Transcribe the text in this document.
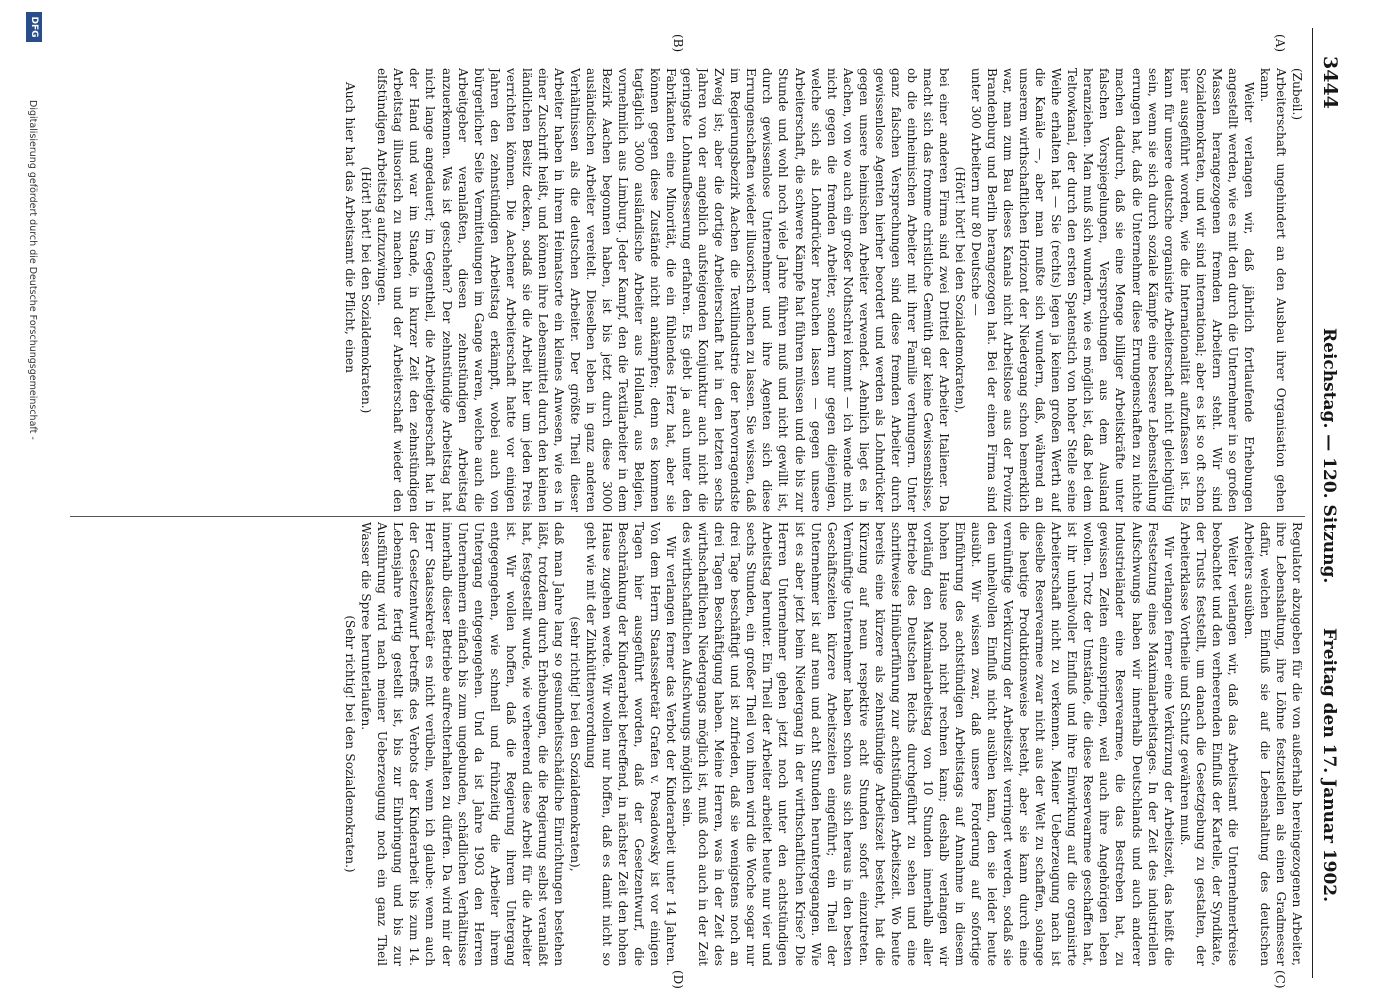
3444
Reichstag. — 120. Sitzung.
Freitag den 17. Januar 1902.
(A)
(B)
(C)
(D)

(Zubeil.)

Arbeiterschaft ungehindert an den Ausbau ihrer Organisation gehen kann.

Weiter verlangen wir, daß jährlich fortlaufende Erhebungen angestellt werden, wie es mit den durch die Unternehmer in so großen Massen herangezogenen fremden Arbeitern steht. Wir sind Sozialdemokraten, und wir sind international; aber es ist so oft schon hier ausgeführt worden, wie die Internationalität aufzufassen ist. Es kann für unsere deutsche organisirte Arbeiterschaft nicht gleichgültig sein, wenn sie sich durch soziale Kämpfe eine bessere Lebensstellung errungen hat, daß die Unternehmer diese Errungenschaften zu nichte machen dadurch, daß sie eine Menge billiger Arbeitskräfte unter falschen Vorspiegelungen, Versprechungen aus dem Ausland heranziehen. Man muß sich wundern, wie es möglich ist, daß bei dem Teltowkanal, der durch den ersten Spatenstich von hoher Stelle seine Weihe erhalten hat — Sie (rechts) legen ja keinen großen Werth auf die Kanäle —, aber man mußte sich wundern, daß, während an unserem wirthschaftlichen Horizont der Niedergang schon bemerklich war, man zum Bau dieses Kanals nicht Arbeitslose aus der Provinz Brandenburg und Berlin herangezogen hat. Bei der einen Firma sind unter 300 Arbeitern nur 80 Deutsche —

(Hört! hört! bei den Sozialdemokraten),

bei einer anderen Firma sind zwei Drittel der Arbeiter Italiener. Da macht sich das fromme christliche Gemüth gar keine Gewissensbisse, ob die einheimischen Arbeiter mit ihrer Familie verhungern. Unter ganz falschen Versprechungen sind diese fremden Arbeiter durch gewissenlose Agenten hierher beordert und werden als Lohndrücker gegen unsere heimischen Arbeiter verwendet. Aehnlich liegt es in Aachen, von wo auch ein großer Nothschrei kommt — ich wende mich nicht gegen die fremden Arbeiter, sondern nur gegen diejenigen, welche sich als Lohndrücker brauchen lassen — gegen unsere Arbeiterschaft, die schwere Kämpfe hat führen müssen und die bis zur Stunde und wohl noch viele Jahre führen muß und nicht gewillt ist, durch gewissenlose Unternehmer und ihre Agenten sich diese Errungenschaften wieder illusorisch machen zu lassen. Sie wissen, daß im Regierungsbezirk Aachen die Textilindustrie der hervorragendste Zweig ist; aber die dortige Arbeiterschaft hat in den letzten sechs Jahren von der angeblich aufsteigenden Konjunktur auch nicht die geringste Lohnaufbesserung erfahren. Es giebt ja auch unter den Fabrikanten eine Minorität, die ein fühlendes Herz hat, aber sie können gegen diese Zustände nicht ankämpfen; denn es kommen tagtäglich 3000 ausländische Arbeiter aus Holland, aus Belgien, vornehmlich aus Limburg. Jeder Kampf, den die Textilarbeiter in dem Bezirk Aachen begonnen haben, ist bis jetzt durch diese 3000 ausländischen Arbeiter vereitelt. Dieselben leben in ganz anderen Verhältnissen als die deutschen Arbeiter. Der größte Theil dieser Arbeiter haben in ihrem Heimatsorte ein kleines Anwesen, wie es in einer Zuschrift heißt, und können ihre Lebensmittel durch den kleinen ländlichen Besitz decken, sodaß sie die Arbeit hier um jeden Preis verrichten können. Die Aachener Arbeiterschaft hatte vor einigen Jahren den zehnstündigen Arbeitstag erkämpft, wobei auch von bürgerlicher Seite Vermittelungen im Gange waren, welche auch die Arbeitgeber veranlaßten, diesen zehnstündigen Arbeitstag anzuerkennen. Was ist geschehen? Der zehnstündige Arbeitstag hat nicht lange angedauert; im Gegentheil, die Arbeitgeberschaft hat in der Hand und war im Stande, in kurzer Zeit den zehnstündigen Arbeitstag illusorisch zu machen und der Arbeiterschaft wieder den elfstündigen Arbeitstag aufzuzwingen.

(Hört! hört! bei den Sozialdemokraten.)

Auch hier hat das Arbeitsamt die Pflicht, einen

Regulator abzugeben für die von außerhalb hereingezogenen Arbeiter, ihre Lebenshaltung, ihre Löhne festzustellen als einen Gradmesser dafür, welchen Einfluß sie auf die Lebenshaltung des deutschen Arbeiters ausüben.

Weiter verlangen wir, daß das Arbeitsamt die Unternehmerkreise beobachtet und den verheerenden Einfluß der Kartelle, der Syndikate, der Trusts feststellt, um danach die Gesetzgebung zu gestalten, der Arbeiterklasse Vortheile und Schutz gewähren muß.

Wir verlangen ferner eine Verkürzung der Arbeitszeit, das heißt die Festsetzung eines Maximalarbeitstages. In der Zeit des industriellen Aufschwungs haben wir innerhalb Deutschlands und auch anderer Industrieländer eine Reservearmee, die das Bestreben hat, zu gewissen Zeiten einzuspringen, weil auch ihre Angehörigen leben wollen. Trotz der Umstände, die diese Reservearmee geschaffen hat, ist ihr unheilvoller Einfluß und ihre Einwirkung auf die organisirte Arbeiterschaft nicht zu verkennen. Meiner Ueberzeugung nach ist dieselbe Reservearmee zwar nicht aus der Welt zu schaffen, solange die heutige Produktionsweise besteht, aber sie kann durch eine vernünftige Verkürzung der Arbeitszeit verringert werden, sodaß sie den unheilvollen Einfluß nicht ausüben kann, den sie leider heute ausübt. Wir wissen zwar, daß unsere Forderung auf sofortige Einführung des achtstündigen Arbeitstags auf Annahme in diesem hohen Hause noch nicht rechnen kann; deshalb verlangen wir vorläufig den Maximalarbeitstag von 10 Stunden innerhalb aller Betriebe des Deutschen Reichs durchgeführt zu sehen und eine schrittweise Hinüberführung zur achtstündigen Arbeitszeit. Wo heute bereits eine kürzere als zehnstündige Arbeitszeit besteht, hat die Kürzung auf neun respektive acht Stunden sofort einzutreten. Vernünftige Unternehmer haben schon aus sich heraus in den besten Geschäftszeiten kürzere Arbeitszeiten eingeführt; ein Theil der Unternehmer ist auf neun und acht Stunden heruntergegangen. Wie ist es aber jetzt beim Niedergang in der wirthschaftlichen Krise? Die Herren Unternehmer gehen jetzt noch unter den achtstündigen Arbeitstag herunter. Ein Theil der Arbeiter arbeitet heute nur vier und sechs Stunden, ein großer Theil von ihnen wird die Woche sogar nur drei Tage beschäftigt und ist zufrieden, daß sie wenigstens noch an drei Tagen Beschäftigung haben. Meine Herren, was in der Zeit des wirthschaftlichen Niedergangs möglich ist, muß doch auch in der Zeit des wirthschaftlichen Aufschwungs möglich sein.

Wir verlangen ferner das Verbot der Kinderarbeit unter 14 Jahren. Von dem Herrn Staatssekretär Grafen v. Posadowsky ist vor einigen Tagen hier ausgeführt worden, daß der Gesetzentwurf, die Beschränkung der Kinderarbeit betreffend, in nächster Zeit den hohen Hause zugehen werde. Wir wollen nur hoffen, daß es damit nicht so geht wie mit der Zinkhüttenverordnung

(sehr richtig! bei den Sozialdemokraten),

daß man Jahre lang so gesundheitsschädliche Einrichtungen bestehen läßt, trotzdem durch Erhebungen, die die Regierung selbst veranlaßt hat, festgestellt wurde, wie verheerend diese Arbeit für die Arbeiter ist. Wir wollen hoffen, daß die Regierung ihrem Untergang entgegengehen, wie schnell und frühzeitig die Arbeiter ihrem Untergang entgegengehen. Und da ist Jahre 1903 den Herren Unternehmern einfach bis zum ungebunden, schädlichen Verhältnisse innerhalb dieser Betriebe aufrechterhalten zu dürfen. Da wird mir der Herr Staatssekretär es nicht verübeln, wenn ich glaube: wenn auch der Gesetzentwurf betreffs des Verbots der Kinderarbeit bis zum 14. Lebensjahre fertig gestellt ist, bis zur Einbringung und bis zur Ausführung wird nach meiner Ueberzeugung noch ein ganz Theil Wasser die Spree herunterlaufen.

(Sehr richtig! bei den Sozialdemokraten.)

DFG
Digitalisierung gefördert durch die Deutsche Forschungsgemeinschaft -
